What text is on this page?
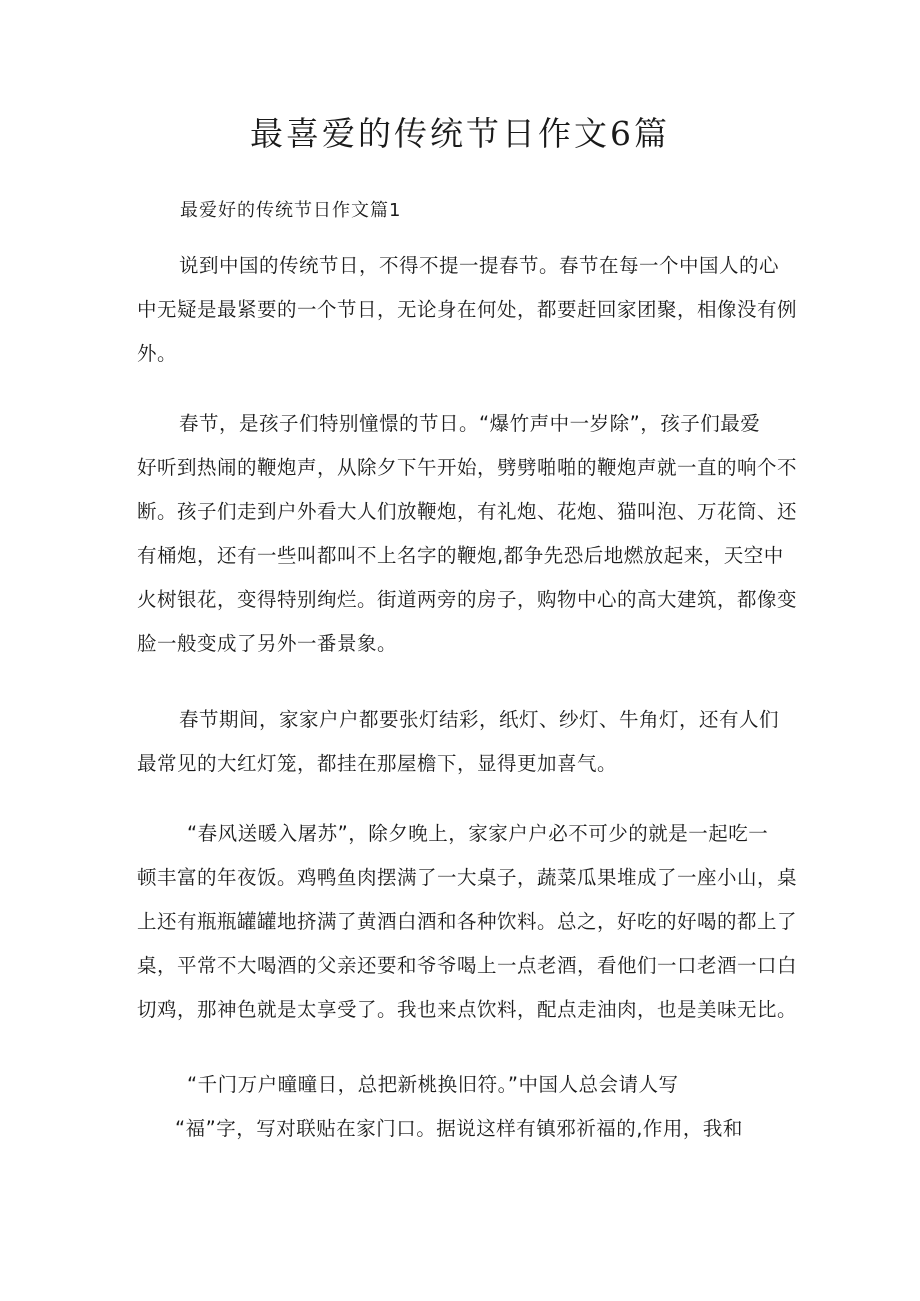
最喜爱的传统节日作文6篇
最爱好的传统节日作文篇1
说到中国的传统节日，不得不提一提春节。春节在每一个中国人的心
中无疑是最紧要的一个节日，无论身在何处，都要赶回家团聚，相像没有例
外。
春节，是孩子们特别憧憬的节日。“爆竹声中一岁除”，孩子们最爱
好听到热闹的鞭炮声，从除夕下午开始，劈劈啪啪的鞭炮声就一直的响个不
断。孩子们走到户外看大人们放鞭炮，有礼炮、花炮、猫叫泡、万花筒、还
有桶炮，还有一些叫都叫不上名字的鞭炮,都争先恐后地燃放起来，天空中
火树银花，变得特别绚烂。街道两旁的房子，购物中心的高大建筑，都像变
脸一般变成了另外一番景象。
春节期间，家家户户都要张灯结彩，纸灯、纱灯、牛角灯，还有人们
最常见的大红灯笼，都挂在那屋檐下，显得更加喜气。
“春风送暖入屠苏”，除夕晚上，家家户户必不可少的就是一起吃一
顿丰富的年夜饭。鸡鸭鱼肉摆满了一大桌子，蔬菜瓜果堆成了一座小山，桌
上还有瓶瓶罐罐地挤满了黄酒白酒和各种饮料。总之，好吃的好喝的都上了
桌，平常不大喝酒的父亲还要和爷爷喝上一点老酒，看他们一口老酒一口白
切鸡，那神色就是太享受了。我也来点饮料，配点走油肉，也是美味无比。
“千门万户曈曈日，总把新桃换旧符。”中国人总会请人写
“福”字，写对联贴在家门口。据说这样有镇邪祈福的,作用，我和
